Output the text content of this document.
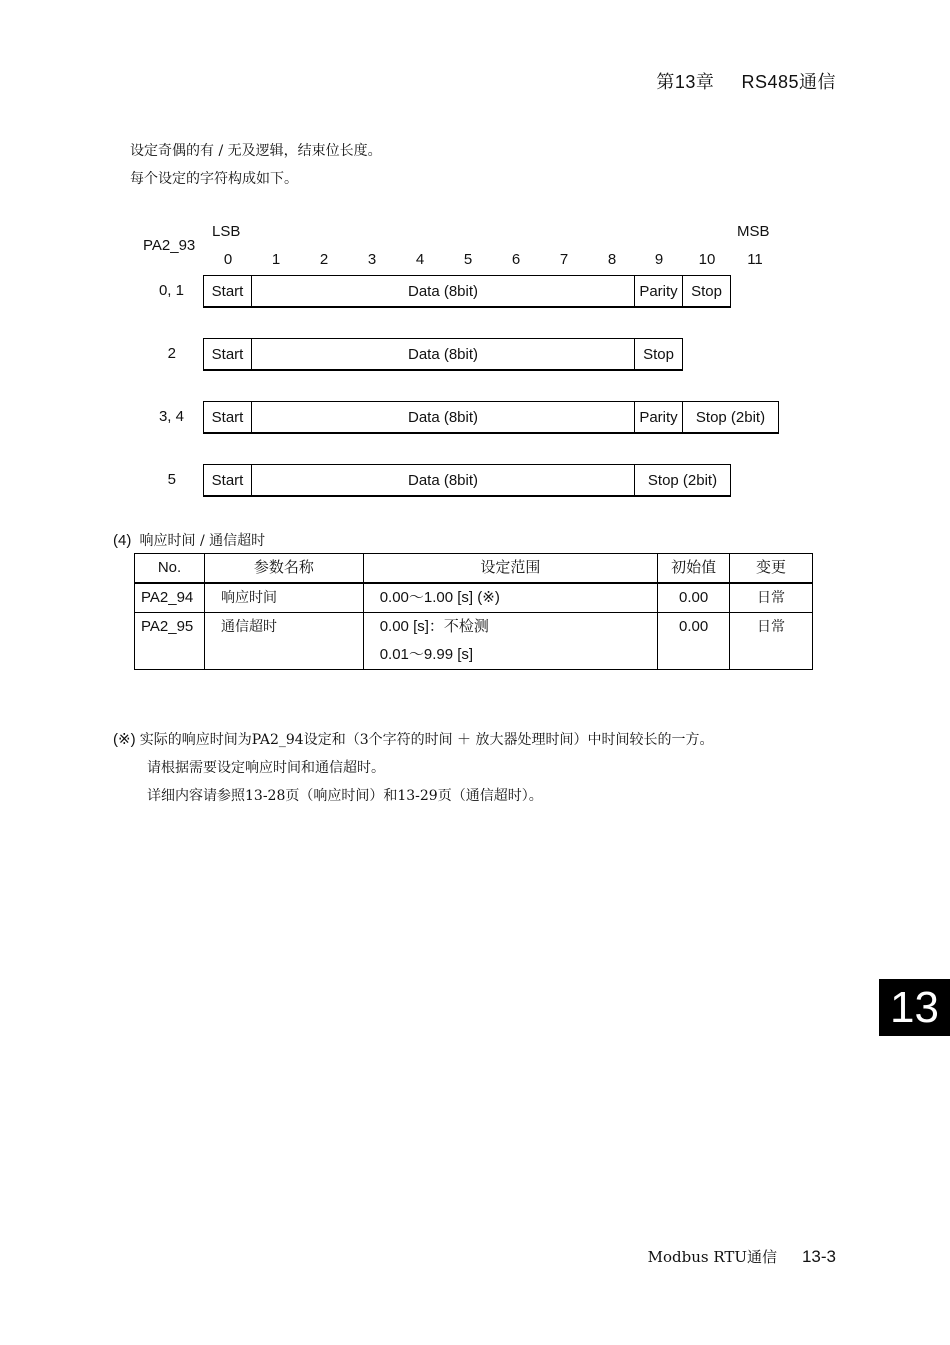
第13章 RS485通信
设定奇偶的有 / 无及逻辑，结束位长度。
每个设定的字符构成如下。
PA2_93
LSB	MSB
0	1	2	3	4	5	6	7	8	9	10	11
0, 1	Start	Data (8bit)	Parity Stop
2	Start	Data (8bit)	Stop
3, 4	Start	Data (8bit)	Parity	Stop (2bit)
5	Start	Data (8bit)	Stop (2bit)
(4) 响应时间 / 通信超时
No.	参数名称	设定范围	初始值	变更
PA2_94	响应时间	0.00～1.00 [s] (※)	0.00	日常
PA2_95	通信超时	0.00 [s]：不检测
0.01～9.99 [s]	0.00	日常
(※) 实际的响应时间为PA2_94设定和（3个字符的时间 ＋ 放大器处理时间）中时间较长的一方。
请根据需要设定响应时间和通信超时。
详细内容请参照13-28页（响应时间）和13-29页（通信超时）。
13
Modbus RTU通信 13-3
